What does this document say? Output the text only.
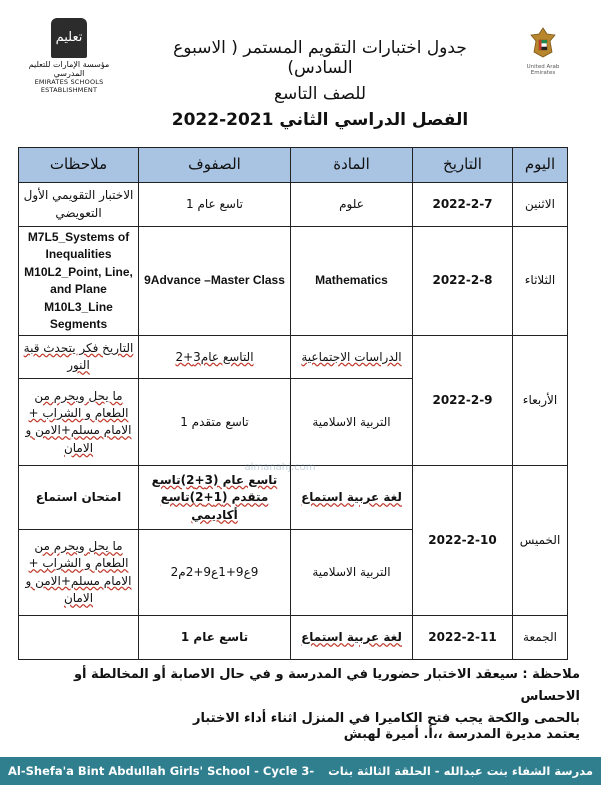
تعليم
مؤسسة الإمارات للتعليم المدرسي
EMIRATES SCHOOLS ESTABLISHMENT
جدول اختبارات التقويم المستمر ( الاسبوع السادس)
للصف التاسع
الفصل الدراسي الثاني 2021-2022
United Arab Emirates
اليوم	التاريخ	المادة	الصفوف	ملاحظات
الاثنين	2022-2-7	علوم	تاسع عام 1	الاختبار التقويمي الأول التعويضي
الثلاثاء	2022-2-8	Mathematics	9Advance –Master Class	M7L5_Systems of Inequalities M10L2_Point, Line, and Plane M10L3_Line Segments
الأربعاء	2022-2-9	الدراسات الاجتماعية	التاسع عام3+2	التاريخ فكر يتحدث قبة النور
		التربية الاسلامية	تاسع متقدم 1	ما يحل ويحرم من الطعام و الشراب + الامام مسلم+الامن و الامان
الخميس	2022-2-10	لغة عربية استماع	تاسع عام (3+2)تاسع متقدم (1+2)تاسع أكاديمي	امتحان استماع
		التربية الاسلامية	9ع9+1ع9+2م2	ما يحل ويحرم من الطعام و الشراب + الامام مسلم+الامن و الامان
الجمعة	2022-2-11	لغة عربية استماع	تاسع عام 1	
almanahj.com
ملاحظة : سيعقد الاختبار حضوريا في المدرسة و في حال الاصابة أو المخالطة أو الاحساس
بالحمى والكحة يجب فتح الكاميرا في المنزل اثناء أداء الاختبار
يعتمد مديرة المدرسة ،،أ. أميرة لهبش
Al-Shefa'a Bint Abdullah Girls' School - Cycle 3- مدرسة الشفاء بنت عبدالله - الحلقة الثالثة بنات
